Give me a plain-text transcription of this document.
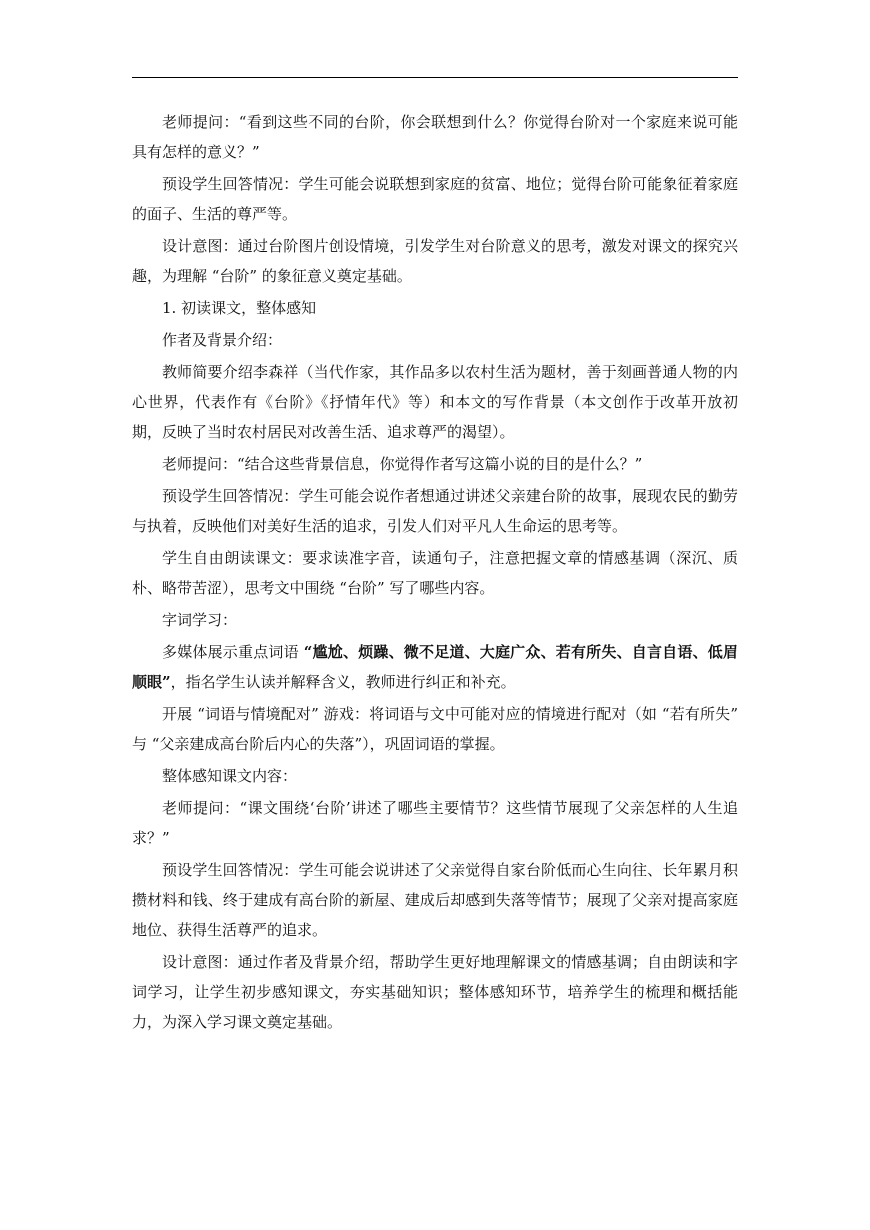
老师提问：“看到这些不同的台阶，你会联想到什么？你觉得台阶对一个家庭来说可能具有怎样的意义？”

预设学生回答情况：学生可能会说联想到家庭的贫富、地位；觉得台阶可能象征着家庭的面子、生活的尊严等。

设计意图：通过台阶图片创设情境，引发学生对台阶意义的思考，激发对课文的探究兴趣，为理解 “台阶” 的象征意义奠定基础。

1. 初读课文，整体感知

作者及背景介绍：

教师简要介绍李森祥（当代作家，其作品多以农村生活为题材，善于刻画普通人物的内心世界，代表作有《台阶》《抒情年代》等）和本文的写作背景（本文创作于改革开放初期，反映了当时农村居民对改善生活、追求尊严的渴望）。

老师提问：“结合这些背景信息，你觉得作者写这篇小说的目的是什么？”

预设学生回答情况：学生可能会说作者想通过讲述父亲建台阶的故事，展现农民的勤劳与执着，反映他们对美好生活的追求，引发人们对平凡人生命运的思考等。

学生自由朗读课文：要求读准字音，读通句子，注意把握文章的情感基调（深沉、质朴、略带苦涩），思考文中围绕 “台阶” 写了哪些内容。

字词学习：

多媒体展示重点词语 “尴尬、烦躁、微不足道、大庭广众、若有所失、自言自语、低眉顺眼”，指名学生认读并解释含义，教师进行纠正和补充。

开展 “词语与情境配对” 游戏：将词语与文中可能对应的情境进行配对（如 “若有所失” 与 “父亲建成高台阶后内心的失落”），巩固词语的掌握。

整体感知课文内容：

老师提问：“课文围绕‘台阶’讲述了哪些主要情节？这些情节展现了父亲怎样的人生追求？”

预设学生回答情况：学生可能会说讲述了父亲觉得自家台阶低而心生向往、长年累月积攒材料和钱、终于建成有高台阶的新屋、建成后却感到失落等情节；展现了父亲对提高家庭地位、获得生活尊严的追求。

设计意图：通过作者及背景介绍，帮助学生更好地理解课文的情感基调；自由朗读和字词学习，让学生初步感知课文，夯实基础知识；整体感知环节，培养学生的梳理和概括能力，为深入学习课文奠定基础。
